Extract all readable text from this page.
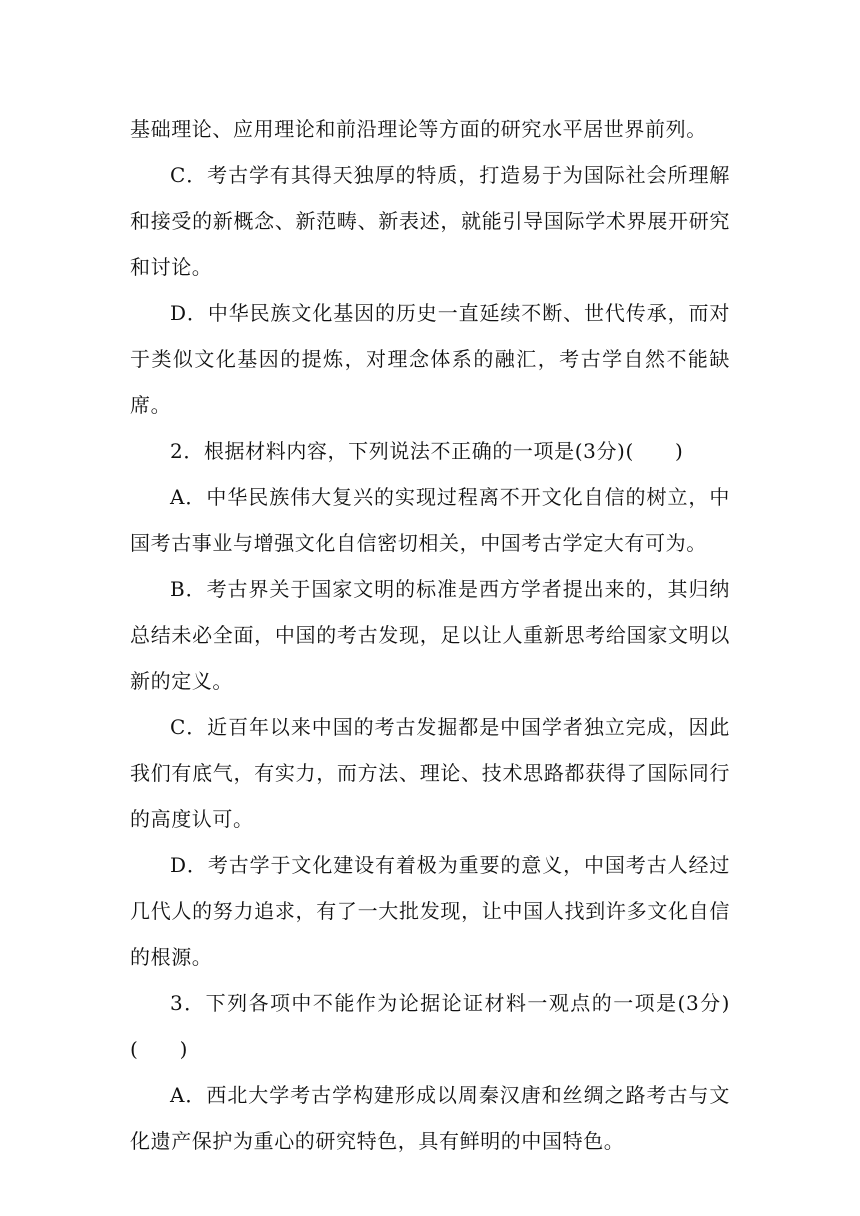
基础理论、应用理论和前沿理论等方面的研究水平居世界前列。

C．考古学有其得天独厚的特质，打造易于为国际社会所理解和接受的新概念、新范畴、新表述，就能引导国际学术界展开研究和讨论。

D．中华民族文化基因的历史一直延续不断、世代传承，而对于类似文化基因的提炼，对理念体系的融汇，考古学自然不能缺席。

2．根据材料内容，下列说法不正确的一项是(3分)(　　)

A．中华民族伟大复兴的实现过程离不开文化自信的树立，中国考古事业与增强文化自信密切相关，中国考古学定大有可为。

B．考古界关于国家文明的标准是西方学者提出来的，其归纳总结未必全面，中国的考古发现，足以让人重新思考给国家文明以新的定义。

C．近百年以来中国的考古发掘都是中国学者独立完成，因此我们有底气，有实力，而方法、理论、技术思路都获得了国际同行的高度认可。

D．考古学于文化建设有着极为重要的意义，中国考古人经过几代人的努力追求，有了一大批发现，让中国人找到许多文化自信的根源。

3．下列各项中不能作为论据论证材料一观点的一项是(3分)(　　)

A．西北大学考古学构建形成以周秦汉唐和丝绸之路考古与文化遗产保护为重心的研究特色，具有鲜明的中国特色。
